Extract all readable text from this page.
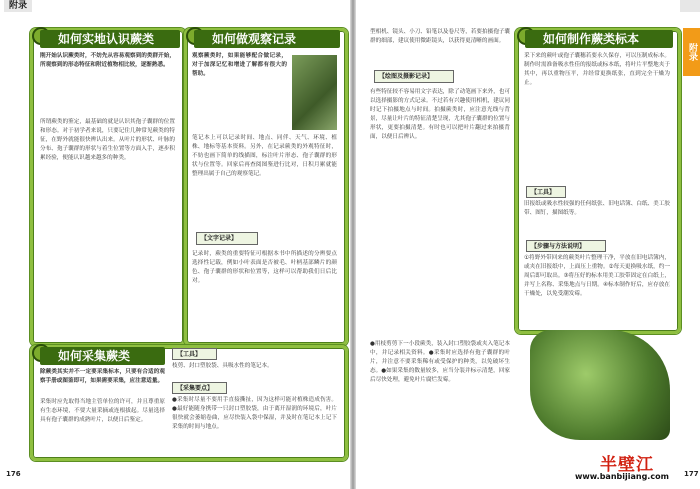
附录
如何实地认识蕨类
刚开始认识蕨类时，不妨先从容易观察到的类群开始，所观察到的形态特征和附近植物相比较，逐渐熟悉。
所谓蕨类的鉴定，最基础的就是认识其孢子囊群的位置和形态。对于初学者来说，只要记住几种常见蕨类的特征，在野外就能很快辨认出来。从叶片的形状、叶脉的分布、孢子囊群的形状与着生位置等方面入手，逐步积累经验，便能认识越来越多的种类。
如何做观察记录
观察蕨类时，如果能够配合做记录，对于加深记忆和增进了解都有很大的帮助。
笔记本上可以记录时间、地点、同伴、天气、环境、植株、地标等基本资料。另外，在记录蕨类的外观特征时，不妨也画下简单的线描图，标注叶片形态、孢子囊群的形状与位置等。回家后再查阅图鉴进行比对，日积月累就能整理出属于自己的观察笔记。
【文字记录】
记录时，蕨类的重要特征可根据本书中所描述的分辨要点选择性记载，例如小叶表面是否被毛、叶柄基部鳞片的颜色、孢子囊群的形状和位置等，这样可以帮助我们日后比对。
如何采集蕨类
除蕨类其实并不一定要采集标本，只要有合适的观察手册或图鉴即可，如果需要采集，应注意适量。
采集时应先取得当地主管单位的许可，并且尊重原有生态环境，不要大量采摘或连根拔起。尽量选择具有孢子囊群的成熟叶片，以便日后鉴定。
【工具】
枝剪、封口塑胶袋、具吸水性的笔记本。
【采集要点】
●采集时尽量不要用手直接撕扯，因为这样可能对植株造成伤害。●最好能随身携带一只封口塑胶袋，由于离开湿润的环境后，叶片很快就会萎缩卷曲，应尽快装入袋中保湿，并及时在笔记本上记下采集的时间与地点。
176
型相机、镜头、小刀、铅笔以及卷尺等，若要拍摄孢子囊群的细部，建议使用微距镜头，以获得更清晰的画面。
【绘图及摄影记录】
有些特征较不容易用文字表达，除了动笔画下来外，也可以选择摄影的方式记录。不过若有兴趣使用相机，建议同时记下拍摄地点与时间。拍摄蕨类时，应注意光线与背景，尽量让叶片的特征清楚呈现，尤其孢子囊群的位置与形状，更要拍摄清楚。有时也可以把叶片翻过来拍摄背面，以便日后辨认。
●用枝剪剪下一小段蕨类，装入封口塑胶袋或夹入笔记本中，并记录相关资料。●采集时应选择有孢子囊群的叶片，并注意不要采集稀有或受保护的种类，以免破坏生态。●如果采集的数量较多，应当分装并标示清楚，回家后尽快处理，避免叶片腐烂发霉。
如何制作蕨类标本
采下来的蕨叶或孢子囊穗若要永久保存，可以压制成标本。制作时需准备吸水性佳的报纸或标本纸，将叶片平整地夹于其中，再以重物压平，并经常更换纸张，直到完全干燥为止。
【工具】
旧报纸或吸水性较强的任何纸张、旧电话簿、白纸、美工胶带、图钉，描图纸等。
【步骤与方法说明】
①将野外带回来的蕨类叶片整理干净，平放在旧电话簿内，或夹在旧报纸中，上面压上重物。②每天更换吸水纸，约一周后即可取出。③将压好的标本用美工胶带固定在白纸上，并写上名称、采集地点与日期。④标本制作好后，应存放在干燥处，以免受潮发霉。
附录
177
半壁江
www.banbijiang.com
